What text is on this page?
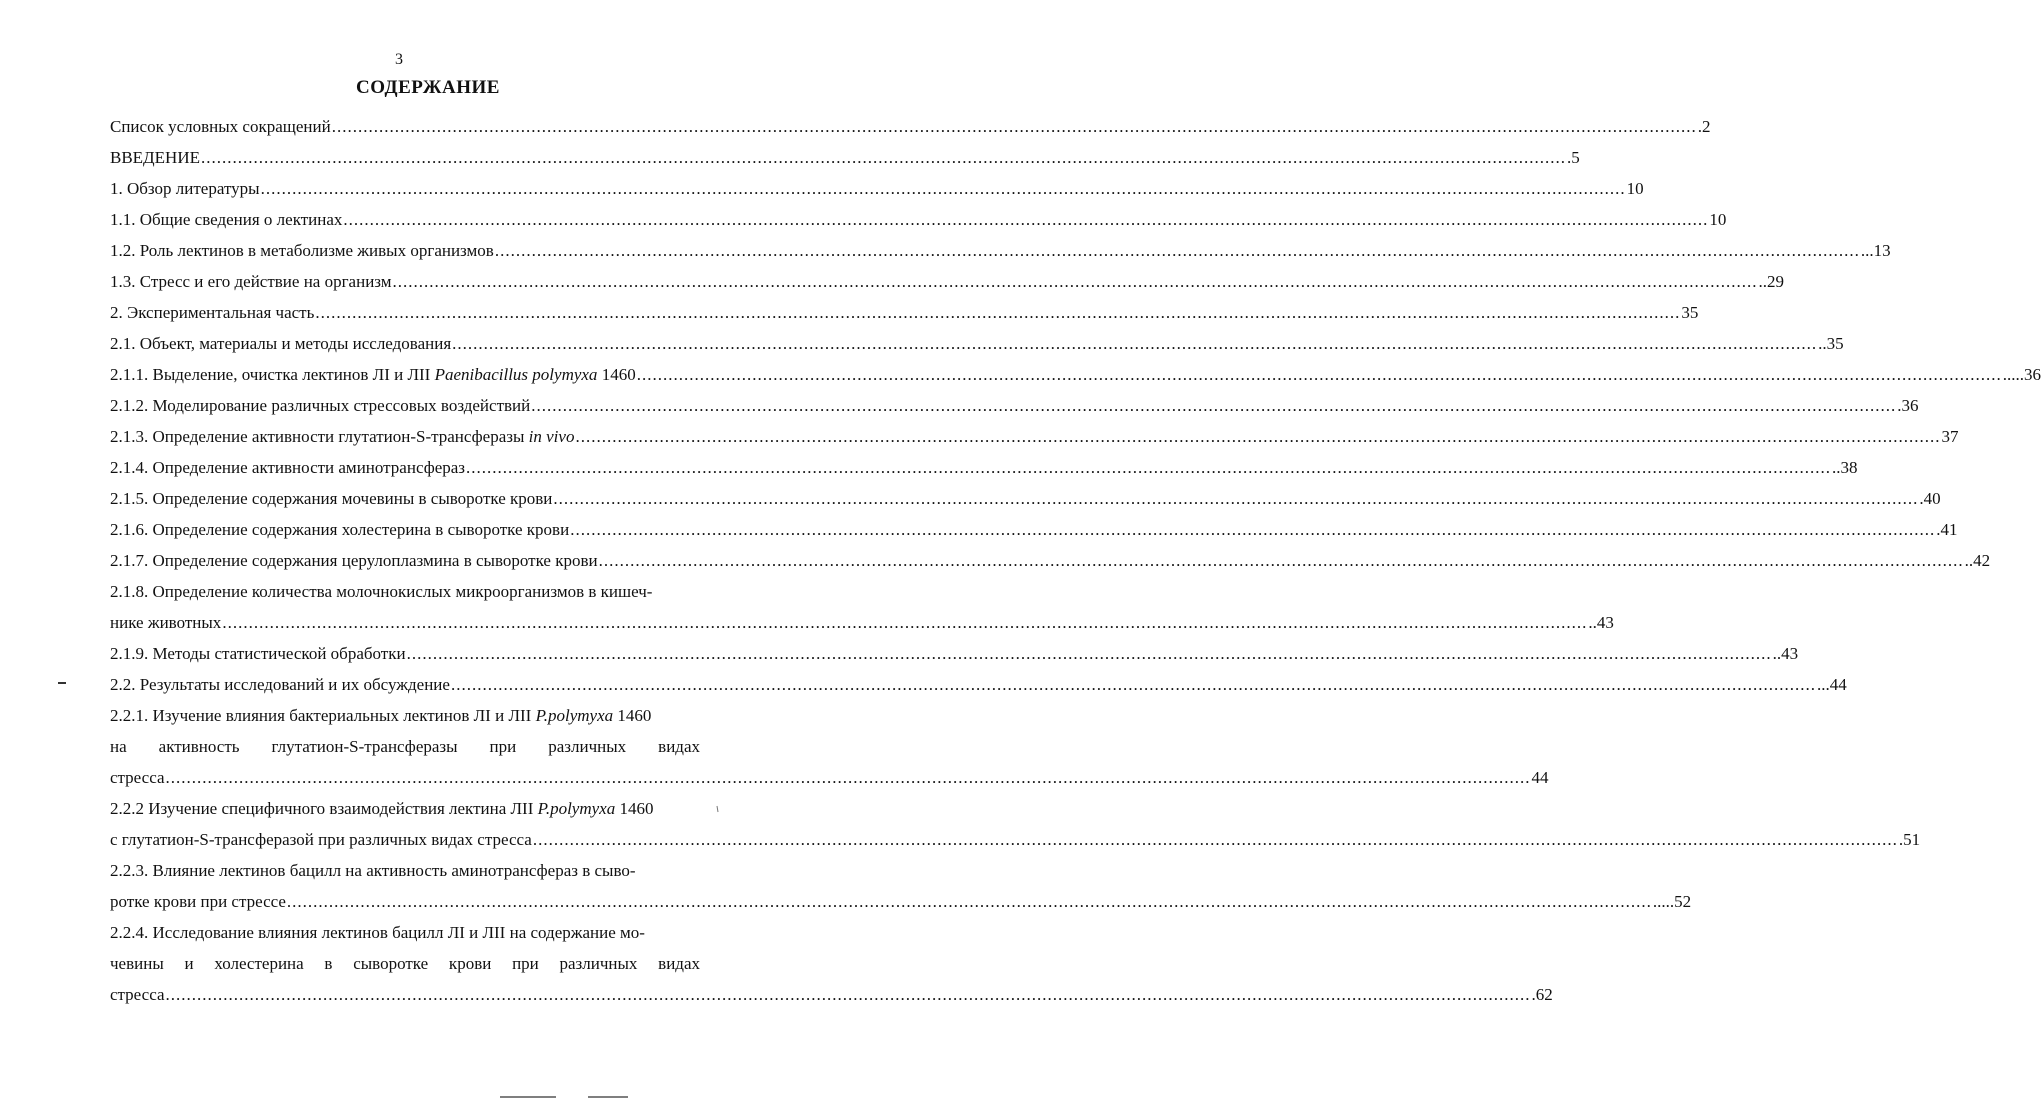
3
СОДЕРЖАНИЕ
Список условных сокращений .................................................................................................................................................................................................................................................................... .2
ВВЕДЕНИЕ .................................................................................................................................................................................................................................................................... .5
1. Обзор литературы .................................................................................................................................................................................................................................................................... 10
1.1. Общие сведения о лектинах .................................................................................................................................................................................................................................................................... 10
1.2. Роль лектинов в метаболизме живых организмов .................................................................................................................................................................................................................................................................... ...13
1.3. Стресс и его действие на организм .................................................................................................................................................................................................................................................................... ..29
2. Экспериментальная часть .................................................................................................................................................................................................................................................................... 35
2.1. Объект, материалы и методы исследования .................................................................................................................................................................................................................................................................... ..35
2.1.1. Выделение, очистка лектинов ЛI и ЛII Paenibacillus polymyxa 1460 .................................................................................................................................................................................................................................................................... .....36
2.1.2. Моделирование различных стрессовых воздействий .................................................................................................................................................................................................................................................................... .36
2.1.3. Определение активности глутатион-S-трансферазы in vivo .................................................................................................................................................................................................................................................................... 37
2.1.4. Определение активности аминотрансфераз .................................................................................................................................................................................................................................................................... ..38
2.1.5. Определение содержания мочевины в сыворотке крови .................................................................................................................................................................................................................................................................... .40
2.1.6. Определение содержания холестерина в сыворотке крови .................................................................................................................................................................................................................................................................... .41
2.1.7. Определение содержания церулоплазмина в сыворотке крови .................................................................................................................................................................................................................................................................... ..42
2.1.8. Определение количества молочнокислых микроорганизмов в кишеч-
нике животных .................................................................................................................................................................................................................................................................... ..43
2.1.9. Методы статистической обработки .................................................................................................................................................................................................................................................................... ..43
2.2. Результаты исследований и их обсуждение .................................................................................................................................................................................................................................................................... ...44
2.2.1. Изучение влияния бактериальных лектинов ЛI и ЛII P.polymyxa 1460
на активность глутатион-S-трансферазы при различных видах
стресса .................................................................................................................................................................................................................................................................... 44
2.2.2 Изучение специфичного взаимодействия лектина ЛII P.polymyxa 1460
с глутатион-S-трансферазой при различных видах стресса .................................................................................................................................................................................................................................................................... .51
2.2.3. Влияние лектинов бацилл на активность аминотрансфераз в сыво-
ротке крови при стрессе .................................................................................................................................................................................................................................................................... .....52
2.2.4. Исследование влияния лектинов бацилл ЛI и ЛII на содержание мо-
чевины и холестерина в сыворотке крови при различных видах
стресса .................................................................................................................................................................................................................................................................... .62
